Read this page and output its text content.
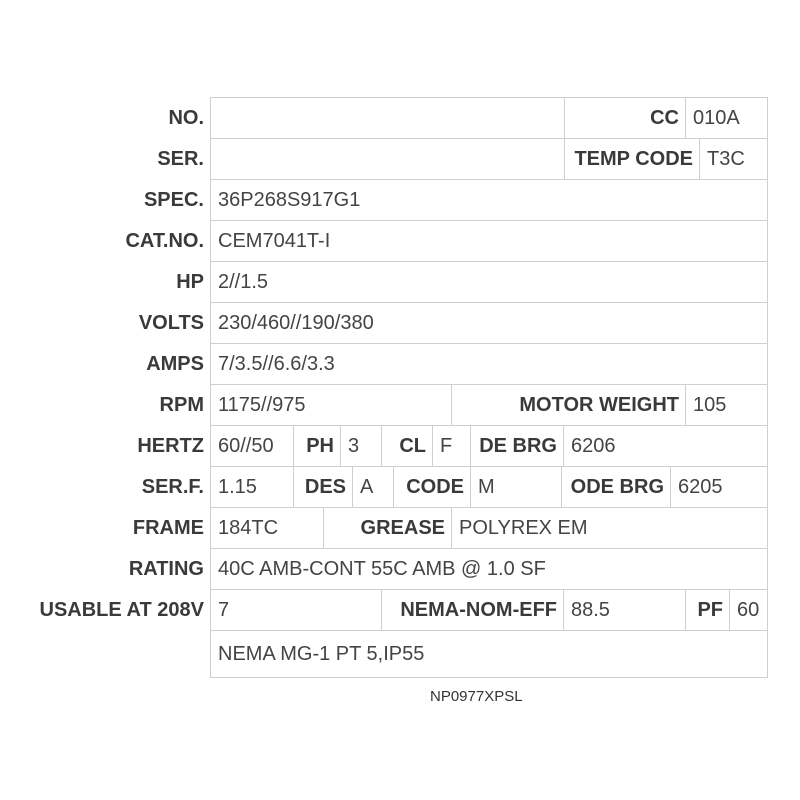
NO.	CC 010A
SER.	TEMP CODE T3C
SPEC. 36P268S917G1
CAT.NO. CEM7041T-I
HP 2//1.5
VOLTS 230/460//190/380
AMPS 7/3.5//6.6/3.3
RPM 1175//975	MOTOR WEIGHT 105
HERTZ 60//50	PH 3	CL F	DE BRG 6206
SER.F. 1.15	DES A	CODE M	ODE BRG 6205
FRAME 184TC	GREASE POLYREX EM
RATING 40C AMB-CONT 55C AMB @ 1.0 SF
USABLE AT 208V 7	NEMA-NOM-EFF 88.5	PF 60
NEMA MG-1 PT 5,IP55
NP0977XPSL
